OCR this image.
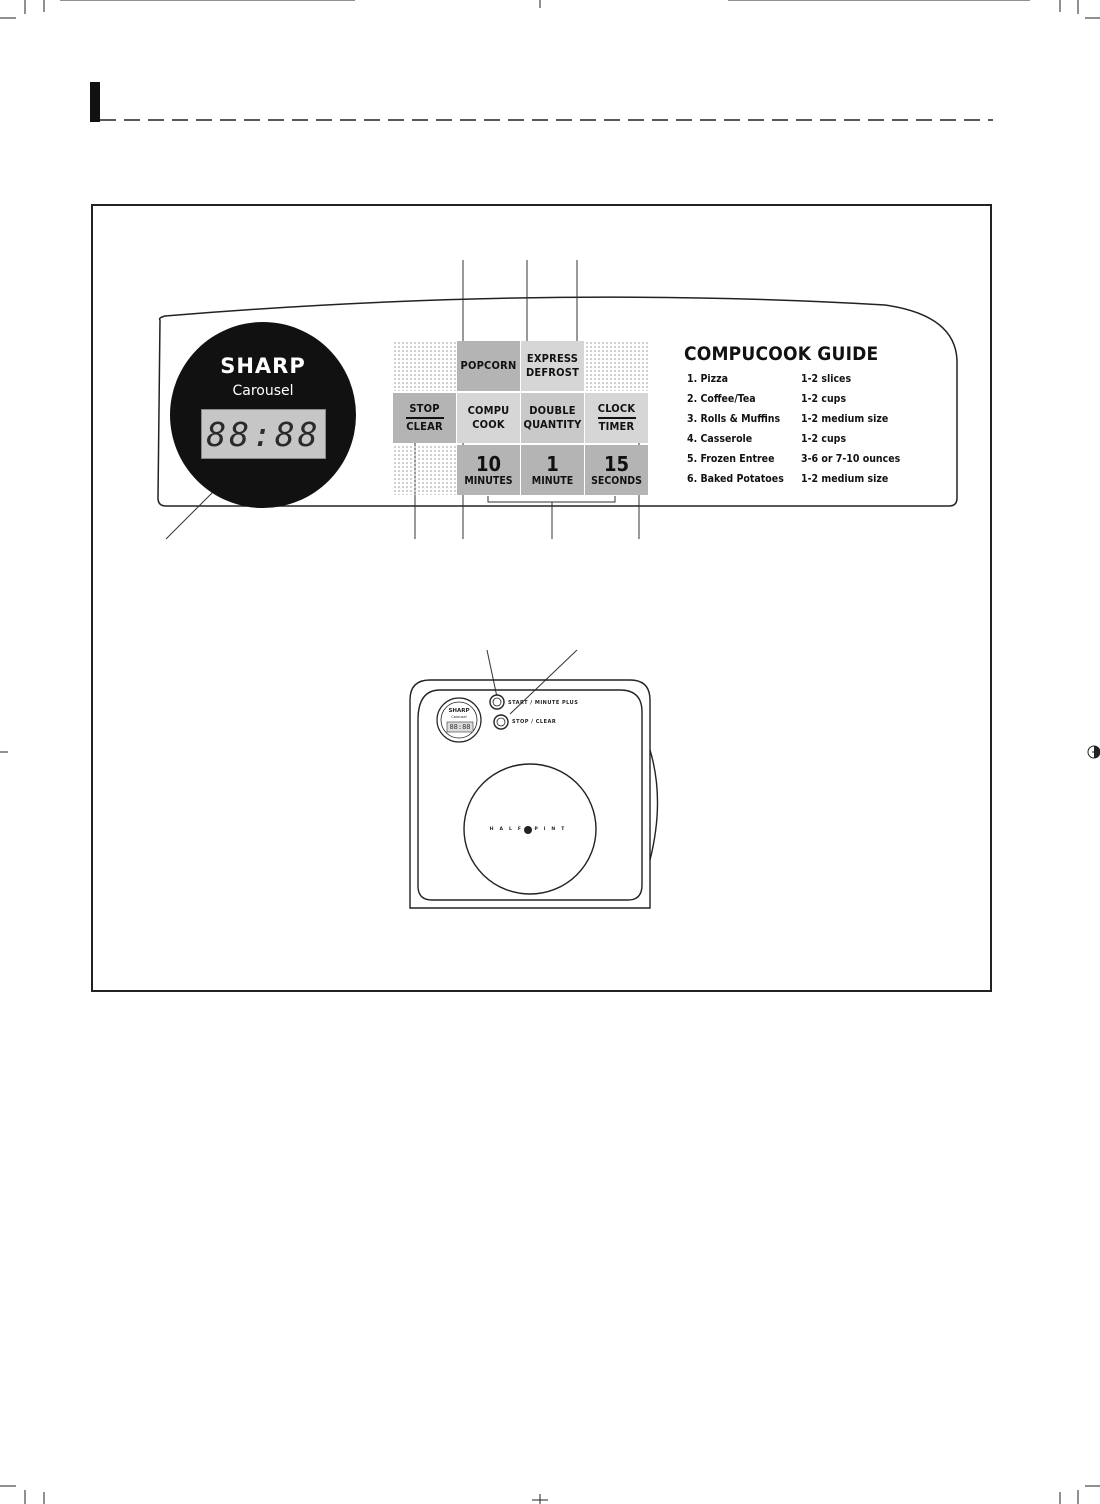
SHARP
Carousel
88:88
POPCORN
EXPRESS
DEFROST
STOP
CLEAR
COMPU
COOK
DOUBLE
QUANTITY
CLOCK
TIMER
10
MINUTES
1
MINUTE
15
SECONDS
COMPUCOOK GUIDE
1. Pizza	1-2 slices
2. Coffee/Tea	1-2 cups
3. Rolls & Muffins 1-2 medium size
4. Casserole	1-2 cups
5. Frozen Entree	3-6 or 7-10 ounces
6. Baked Potatoes 1-2 medium size
SHARP
Carousel
88:88
START / MINUTE PLUS
STOP / CLEAR
HALF PINT
